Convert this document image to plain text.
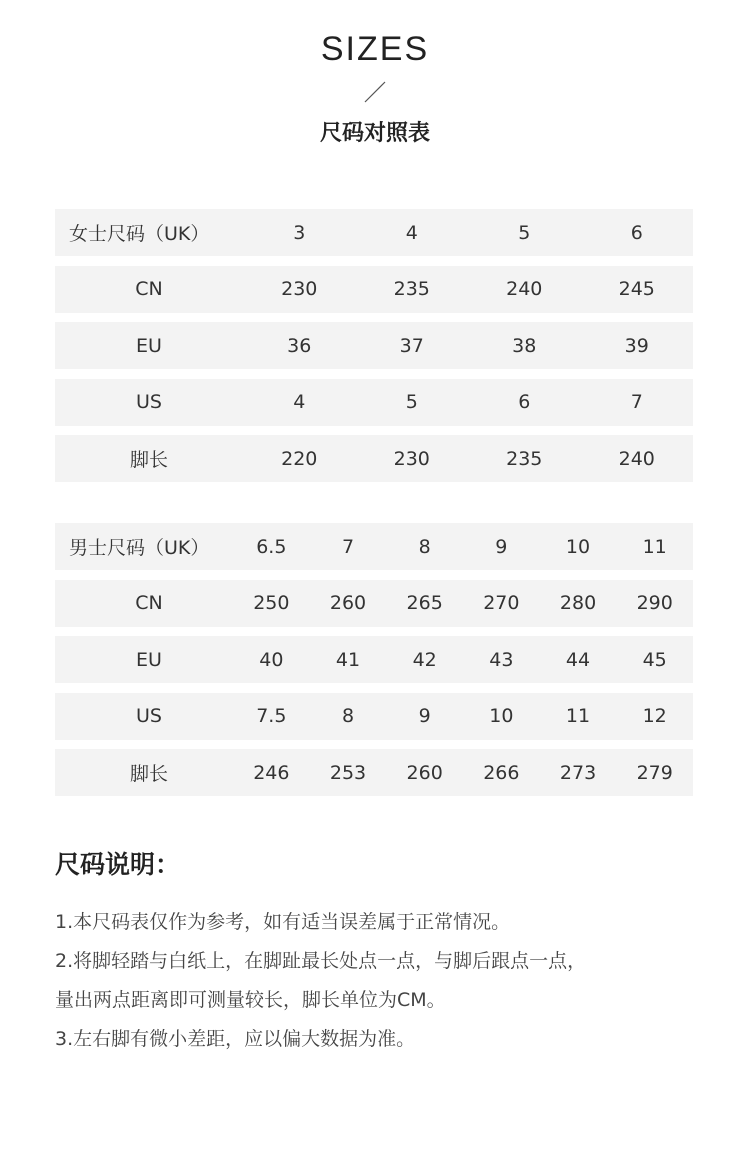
SIZES
尺码对照表
女士尺码（UK）	3	4	5	6
CN	230	235	240	245
EU	36	37	38	39
US	4	5	6	7
脚长	220	230	235	240
男士尺码（UK）	6.5	7	8	9	10	11
CN	250	260	265	270	280	290
EU	40	41	42	43	44	45
US	7.5	8	9	10	11	12
脚长	246	253	260	266	273	279
尺码说明：
1.本尺码表仅作为参考，如有适当误差属于正常情况。
2.将脚轻踏与白纸上，在脚趾最长处点一点，与脚后跟点一点，
量出两点距离即可测量较长，脚长单位为CM。
3.左右脚有微小差距，应以偏大数据为准。
